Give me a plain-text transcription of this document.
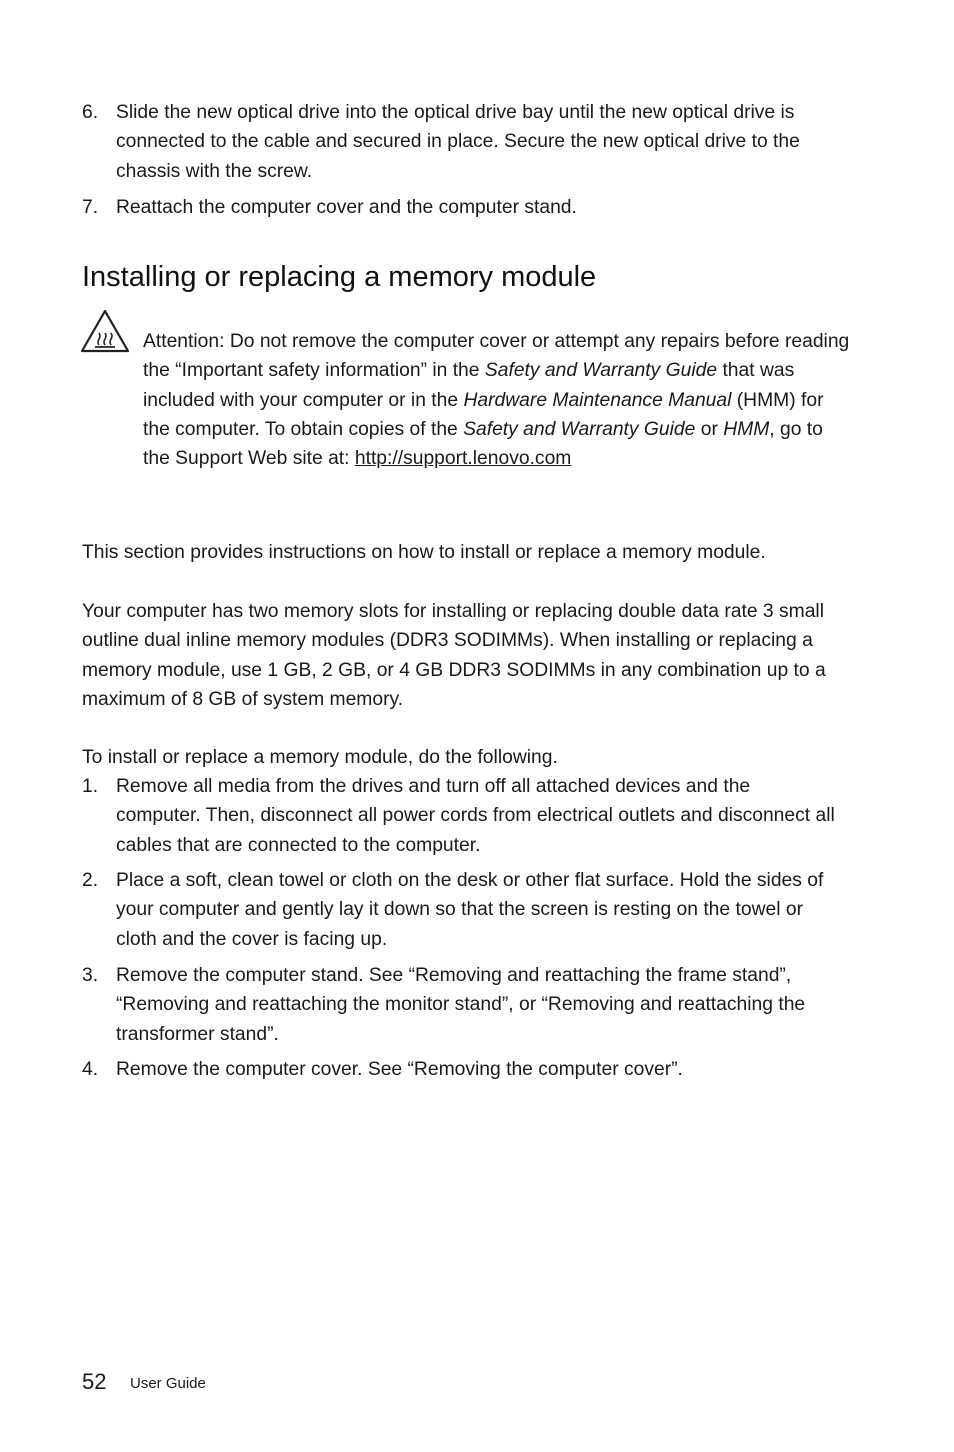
6. Slide the new optical drive into the optical drive bay until the new optical drive is connected to the cable and secured in place. Secure the new optical drive to the chassis with the screw.
7. Reattach the computer cover and the computer stand.
Installing or replacing a memory module
Attention: Do not remove the computer cover or attempt any repairs before reading the “Important safety information” in the Safety and Warranty Guide that was included with your computer or in the Hardware Maintenance Manual (HMM) for the computer. To obtain copies of the Safety and Warranty Guide or HMM, go to the Support Web site at: http://support.lenovo.com

This section provides instructions on how to install or replace a memory module.

Your computer has two memory slots for installing or replacing double data rate 3 small outline dual inline memory modules (DDR3 SODIMMs). When installing or replacing a memory module, use 1 GB, 2 GB, or 4 GB DDR3 SODIMMs in any combination up to a maximum of 8 GB of system memory.

To install or replace a memory module, do the following.

1. Remove all media from the drives and turn off all attached devices and the computer. Then, disconnect all power cords from electrical outlets and disconnect all cables that are connected to the computer.
2. Place a soft, clean towel or cloth on the desk or other flat surface. Hold the sides of your computer and gently lay it down so that the screen is resting on the towel or cloth and the cover is facing up.
3. Remove the computer stand. See “Removing and reattaching the frame stand”, “Removing and reattaching the monitor stand”, or “Removing and reattaching the transformer stand”.
4. Remove the computer cover. See “Removing the computer cover”.
52 User Guide
